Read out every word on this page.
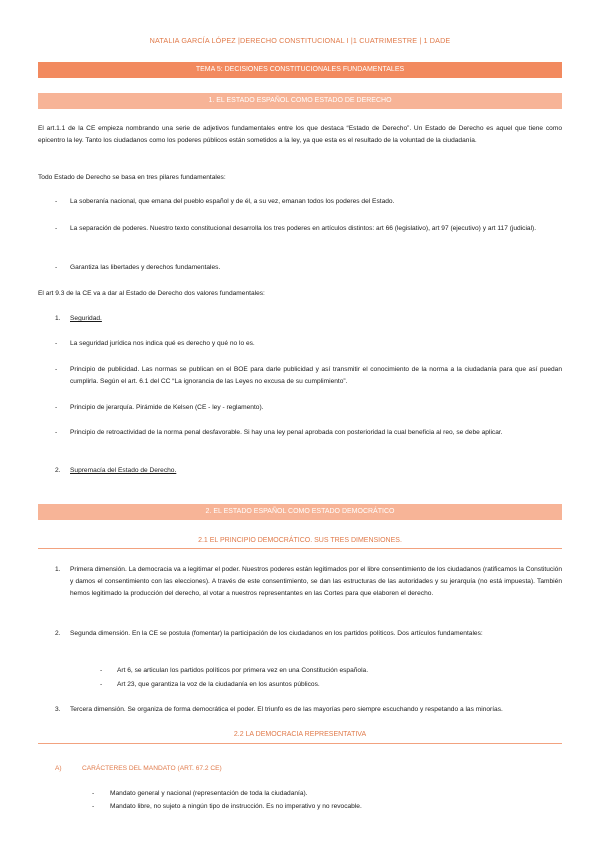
NATALIA GARCÍA LÓPEZ |DERECHO CONSTITUCIONAL I |1 CUATRIMESTRE | 1 DADE
TEMA 5: DECISIONES CONSTITUCIONALES FUNDAMENTALES
1. EL ESTADO ESPAÑOL COMO ESTADO DE DERECHO
El art.1.1 de la CE empieza nombrando una serie de adjetivos fundamentales entre los que destaca “Estado de Derecho”. Un Estado de Derecho es aquel que tiene como epicentro la ley. Tanto los ciudadanos como los poderes públicos están sometidos a la ley, ya que esta es el resultado de la voluntad de la ciudadanía.
Todo Estado de Derecho se basa en tres pilares fundamentales:
-	La soberanía nacional, que emana del pueblo español y de él, a su vez, emanan todos los poderes del Estado.
-	La separación de poderes. Nuestro texto constitucional desarrolla los tres poderes en artículos distintos: art 66 (legislativo), art 97 (ejecutivo) y art 117 (judicial).
-	Garantiza las libertades y derechos fundamentales.
El art 9.3 de la CE va a dar al Estado de Derecho dos valores fundamentales:
1.	Seguridad.
-	La seguridad jurídica nos indica qué es derecho y qué no lo es.
-	Principio de publicidad. Las normas se publican en el BOE para darle publicidad y así transmitir el conocimiento de la norma a la ciudadanía para que así puedan cumplirla. Según el art. 6.1 del CC “La ignorancia de las Leyes no excusa de su cumplimiento”.
-	Principio de jerarquía. Pirámide de Kelsen (CE - ley - reglamento).
-	Principio de retroactividad de la norma penal desfavorable. Si hay una ley penal aprobada con posterioridad la cual beneficia al reo, se debe aplicar.
2.	Supremacía del Estado de Derecho.
2. EL ESTADO ESPAÑOL COMO ESTADO DEMOCRÁTICO
2.1 EL PRINCIPIO DEMOCRÁTICO. SUS TRES DIMENSIONES.
1.	Primera dimensión. La democracia va a legitimar el poder. Nuestros poderes están legitimados por el libre consentimiento de los ciudadanos (ratificamos la Constitución y damos el consentimiento con las elecciones). A través de este consentimiento, se dan las estructuras de las autoridades y su jerarquía (no está impuesta). También hemos legitimado la producción del derecho, al votar a nuestros representantes en las Cortes para que elaboren el derecho.
2.	Segunda dimensión. En la CE se postula (fomentar) la participación de los ciudadanos en los partidos políticos. Dos artículos fundamentales:
-	Art 6, se articulan los partidos políticos por primera vez en una Constitución española.
-	Art 23, que garantiza la voz de la ciudadanía en los asuntos públicos.
3.	Tercera dimensión. Se organiza de forma democrática el poder. El triunfo es de las mayorías pero siempre escuchando y respetando a las minorías.
2.2 LA DEMOCRACIA REPRESENTATIVA
A)	CARÁCTERES DEL MANDATO (ART. 67.2 CE)
-	Mandato general y nacional (representación de toda la ciudadanía).
-	Mandato libre, no sujeto a ningún tipo de instrucción. Es no imperativo y no revocable.
